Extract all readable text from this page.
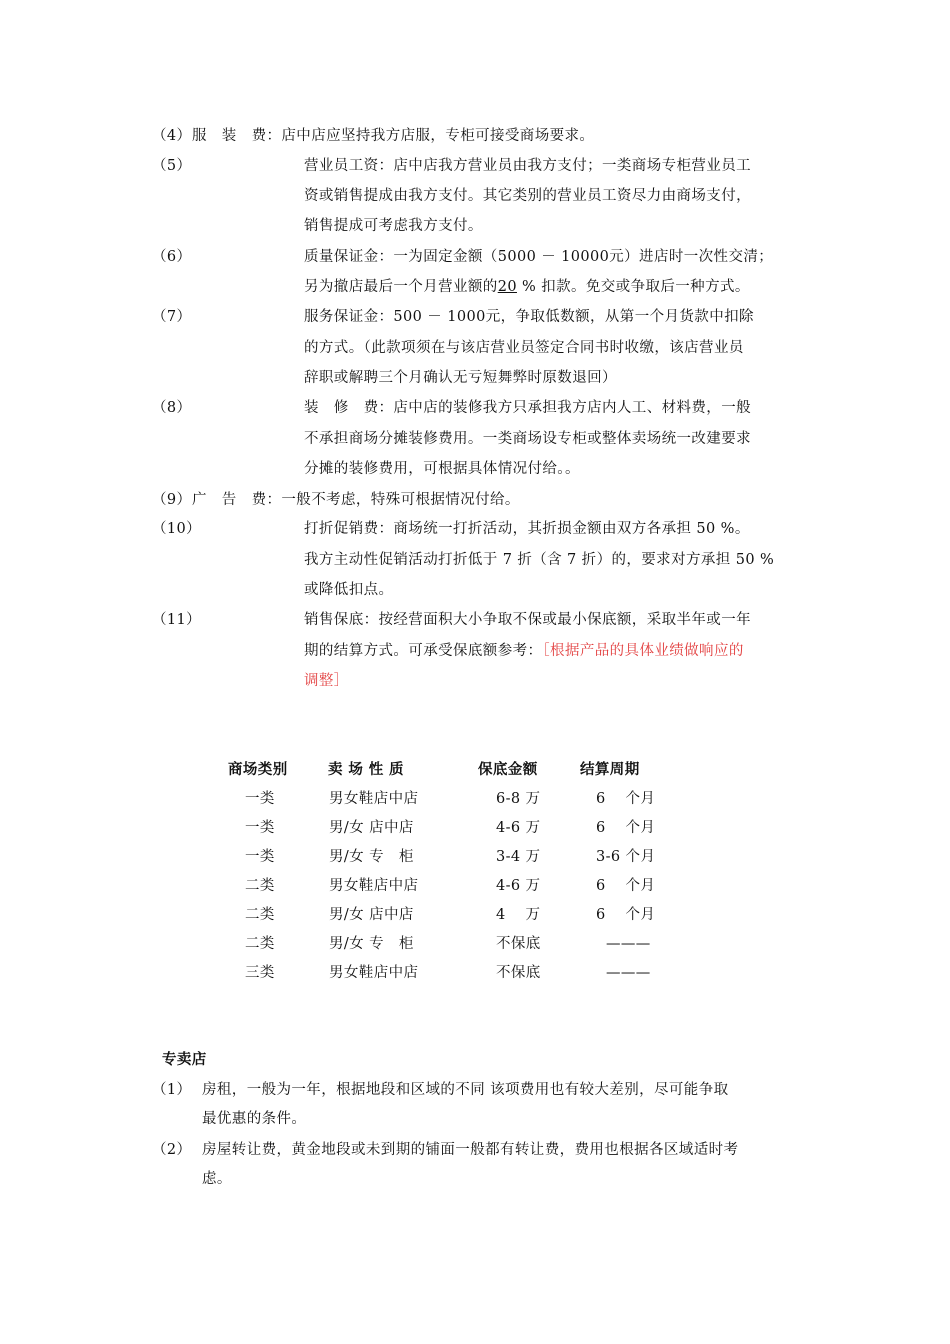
（4） 服　装　费：店中店应坚持我方店服，专柜可接受商场要求。
（5）	营业员工资：店中店我方营业员由我方支付；一类商场专柜营业员工
资或销售提成由我方支付。其它类别的营业员工资尽力由商场支付，
销售提成可考虑我方支付。
（6）	质量保证金：一为固定金额（5000 － 10000元）进店时一次性交清；
另为撤店最后一个月营业额的20 % 扣款。免交或争取后一种方式。
（7）	服务保证金：500 － 1000元，争取低数额，从第一个月货款中扣除
的方式。（此款项须在与该店营业员签定合同书时收缴，该店营业员
辞职或解聘三个月确认无亏短舞弊时原数退回）
（8）	装　修　费：店中店的装修我方只承担我方店内人工、材料费，一般
不承担商场分摊装修费用。一类商场设专柜或整体卖场统一改建要求
分摊的装修费用，可根据具体情况付给。。
（9） 广　告　费：一般不考虑，特殊可根据情况付给。
（10）	打折促销费：商场统一打折活动，其折损金额由双方各承担 50 %。
我方主动性促销活动打折低于 7 折（含 7 折）的，要求对方承担 50 %
或降低扣点。
（11）	销售保底：按经营面积大小争取不保或最小保底额，采取半年或一年
期的结算方式。可承受保底额参考：［根据产品的具体业绩做响应的
调整］
商场类别	卖 场 性 质	保底金额	结算周期
一类	男女鞋店中店	6-8 万	6 　个月
一类	男/女 店中店	4-6 万	6 　个月
一类	男/女 专　柜	3-4 万	3-6 个月
二类	男女鞋店中店	4-6 万	6 　个月
二类	男/女 店中店	4 　万	6 　个月
二类	男/女 专　柜	不保底	———
三类	男女鞋店中店	不保底	———
专卖店
（1） 房租，一般为一年，根据地段和区域的不同 该项费用也有较大差别，尽可能争取
最优惠的条件。
（2） 房屋转让费，黄金地段或未到期的铺面一般都有转让费，费用也根据各区域适时考
虑。
